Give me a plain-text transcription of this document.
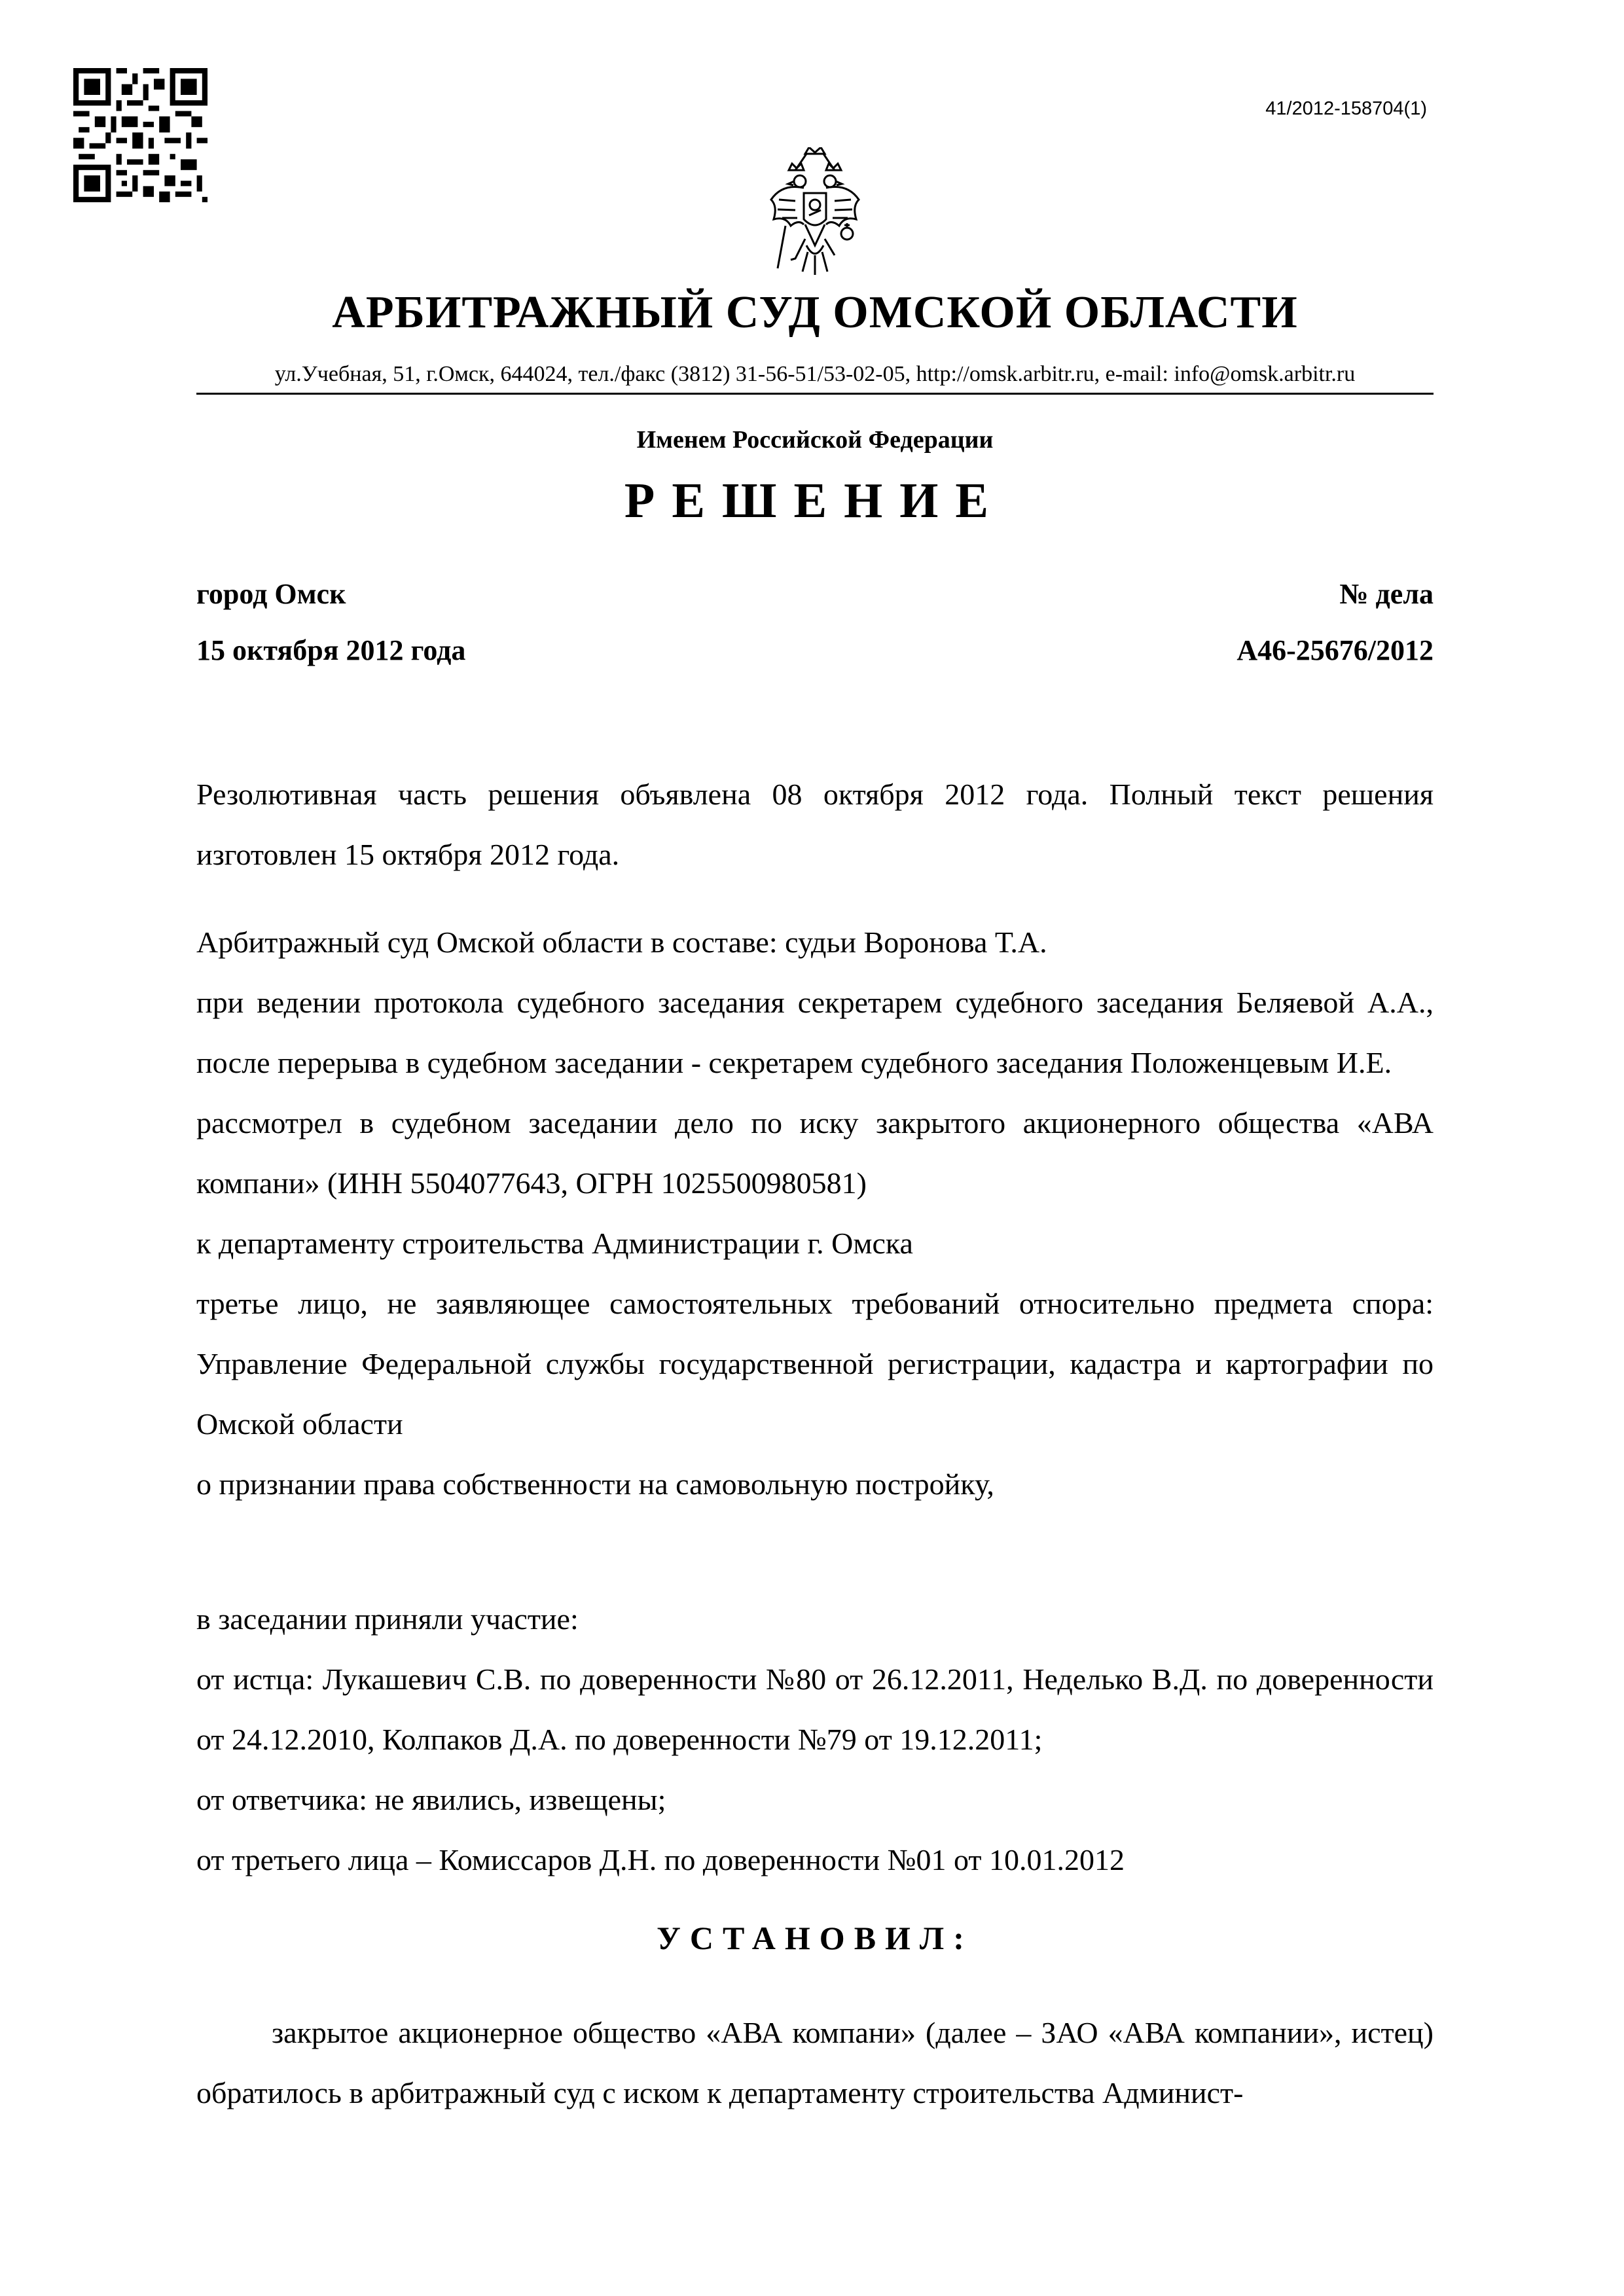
41/2012-158704(1)
АРБИТРАЖНЫЙ СУД ОМСКОЙ ОБЛАСТИ
ул.Учебная, 51, г.Омск, 644024, тел./факс (3812) 31-56-51/53-02-05, http://omsk.arbitr.ru, e-mail: info@omsk.arbitr.ru
Именем Российской Федерации
РЕШЕНИЕ
город Омск
15 октября 2012 года
№ дела
А46-25676/2012
Резолютивная часть решения объявлена 08 октября 2012 года. Полный текст решения изготовлен 15 октября 2012 года.
Арбитражный суд Омской области в составе: судьи Воронова Т.А.
при ведении протокола судебного заседания секретарем судебного заседания Беляевой А.А., после перерыва в судебном заседании - секретарем судебного заседания Положенцевым И.Е.
рассмотрел в судебном заседании дело по иску закрытого акционерного общества «АВА компани» (ИНН 5504077643, ОГРН 1025500980581)
к департаменту строительства Администрации г. Омска
третье лицо, не заявляющее самостоятельных требований относительно предмета спора: Управление Федеральной службы государственной регистрации, кадастра и картографии по Омской области
о признании права собственности на самовольную постройку,
в заседании приняли участие:
от истца: Лукашевич С.В. по доверенности №80 от 26.12.2011, Неделько В.Д. по доверенности от 24.12.2010, Колпаков Д.А. по доверенности №79 от 19.12.2011;
от ответчика: не явились, извещены;
от третьего лица – Комиссаров Д.Н. по доверенности №01 от 10.01.2012
УСТАНОВИЛ:
закрытое акционерное общество «АВА компани» (далее – ЗАО «АВА компании», истец) обратилось в арбитражный суд с иском к департаменту строительства Админист-
